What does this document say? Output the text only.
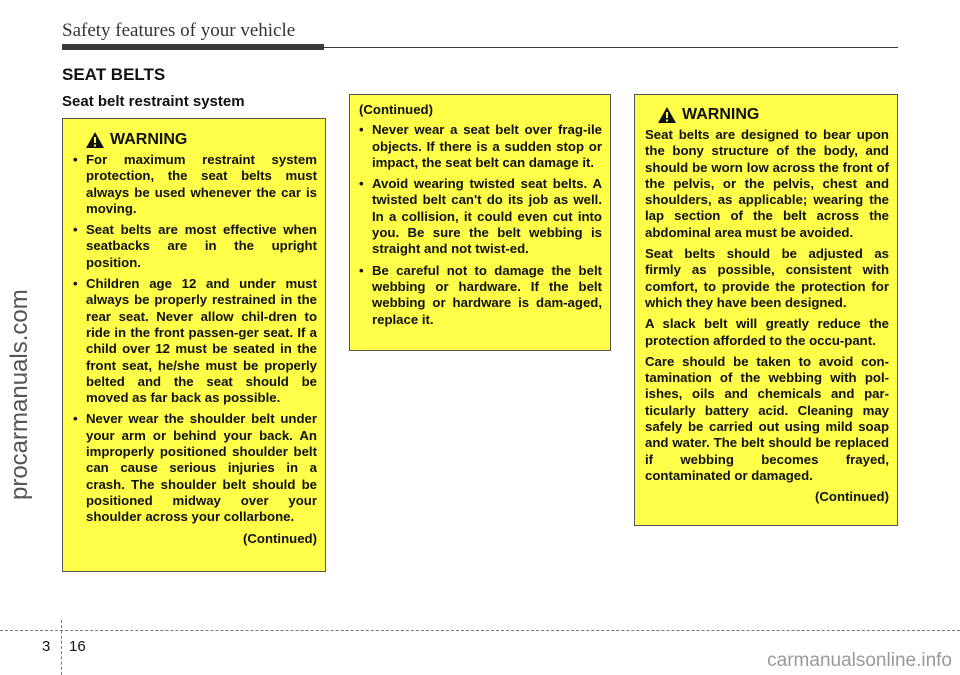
Safety features of your vehicle
SEAT BELTS
Seat belt restraint system
WARNING
• For maximum restraint system protection, the seat belts must always be used whenever the car is moving.
• Seat belts are most effective when seatbacks are in the upright position.
• Children age 12 and under must always be properly restrained in the rear seat. Never allow chil-dren to ride in the front passen-ger seat. If a child over 12 must be seated in the front seat, he/she must be properly belted and the seat should be moved as far back as possible.
• Never wear the shoulder belt under your arm or behind your back. An improperly positioned shoulder belt can cause serious injuries in a crash. The shoulder belt should be positioned midway over your shoulder across your collarbone.
(Continued)
(Continued)
• Never wear a seat belt over frag-ile objects. If there is a sudden stop or impact, the seat belt can damage it.
• Avoid wearing twisted seat belts. A twisted belt can't do its job as well. In a collision, it could even cut into you. Be sure the belt webbing is straight and not twist-ed.
• Be careful not to damage the belt webbing or hardware. If the belt webbing or hardware is dam-aged, replace it.
WARNING

Seat belts are designed to bear upon the bony structure of the body, and should be worn low across the front of the pelvis, or the pelvis, chest and shoulders, as applicable; wearing the lap section of the belt across the abdominal area must be avoided.

Seat belts should be adjusted as firmly as possible, consistent with comfort, to provide the protection for which they have been designed.

A slack belt will greatly reduce the protection afforded to the occu-pant.

Care should be taken to avoid con-tamination of the webbing with pol-ishes, oils and chemicals and par-ticularly battery acid. Cleaning may safely be carried out using mild soap and water. The belt should be replaced if webbing becomes frayed, contaminated or damaged.

(Continued)
procarmanuals.com
3 16
carmanualsonline.info
